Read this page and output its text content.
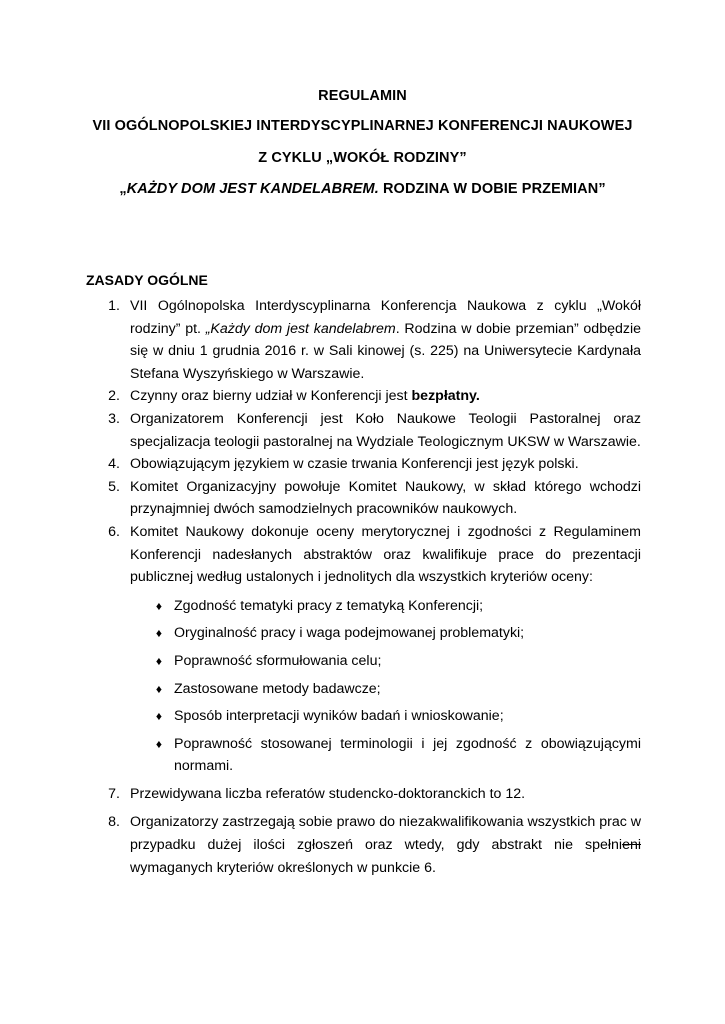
REGULAMIN
VII OGÓLNOPOLSKIEJ INTERDYSCYPLINARNEJ KONFERENCJI NAUKOWEJ
Z CYKLU „WOKÓŁ RODZINY”
„KAŻDY DOM JEST KANDELABREM. RODZINA W DOBIE PRZEMIAN”
ZASADY OGÓLNE
1. VII Ogólnopolska Interdyscyplinarna Konferencja Naukowa z cyklu „Wokół rodziny” pt. „Każdy dom jest kandelabrem. Rodzina w dobie przemian” odbędzie się w dniu 1 grudnia 2016 r. w Sali kinowej (s. 225) na Uniwersytecie Kardynała Stefana Wyszyńskiego w Warszawie.
2. Czynny oraz bierny udział w Konferencji jest bezpłatny.
3. Organizatorem Konferencji jest Koło Naukowe Teologii Pastoralnej oraz specjalizacja teologii pastoralnej na Wydziale Teologicznym UKSW w Warszawie.
4. Obowiązującym językiem w czasie trwania Konferencji jest język polski.
5. Komitet Organizacyjny powołuje Komitet Naukowy, w skład którego wchodzi przynajmniej dwóch samodzielnych pracowników naukowych.
6. Komitet Naukowy dokonuje oceny merytorycznej i zgodności z Regulaminem Konferencji nadesłanych abstraktów oraz kwalifikuje prace do prezentacji publicznej według ustalonych i jednolitych dla wszystkich kryteriów oceny:
♦ Zgodność tematyki pracy z tematyką Konferencji;
♦ Oryginalność pracy i waga podejmowanej problematyki;
♦ Poprawność sformułowania celu;
♦ Zastosowane metody badawcze;
♦ Sposób interpretacji wyników badań i wnioskowanie;
♦ Poprawność stosowanej terminologii i jej zgodność z obowiązującymi normami.
7. Przewidywana liczba referatów studencko-doktoranckich to 12.
8. Organizatorzy zastrzegają sobie prawo do niezakwalifikowania wszystkich prac w przypadku dużej ilości zgłoszeń oraz wtedy, gdy abstrakt nie spełnieni wymaganych kryteriów określonych w punkcie 6.
